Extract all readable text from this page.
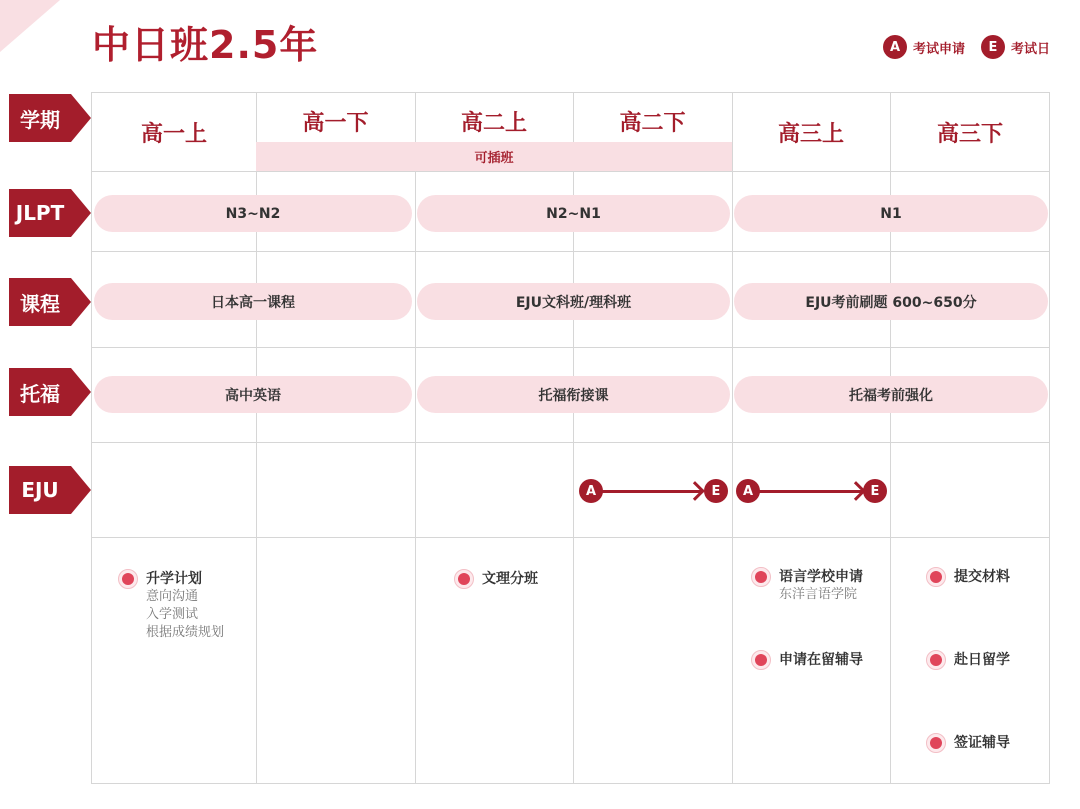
中日班2.5年	A 考试申请	E	考试日
学期
JLPT
课程
托福
EJU
可插班
高一上	高一下	高二上	高二下	高三上	高三下
N3~N2	N2~N1	N1
日本高一课程	EJU文科班/理科班	EJU考前刷题 600~650分
高中英语	托福衔接课	托福考前强化
A	E	A	E
升学计划
意向沟通
入学测试
根据成绩规划
文理分班	语言学校申请
东洋言语学院
申请在留辅导
提交材料
赴日留学
签证辅导
